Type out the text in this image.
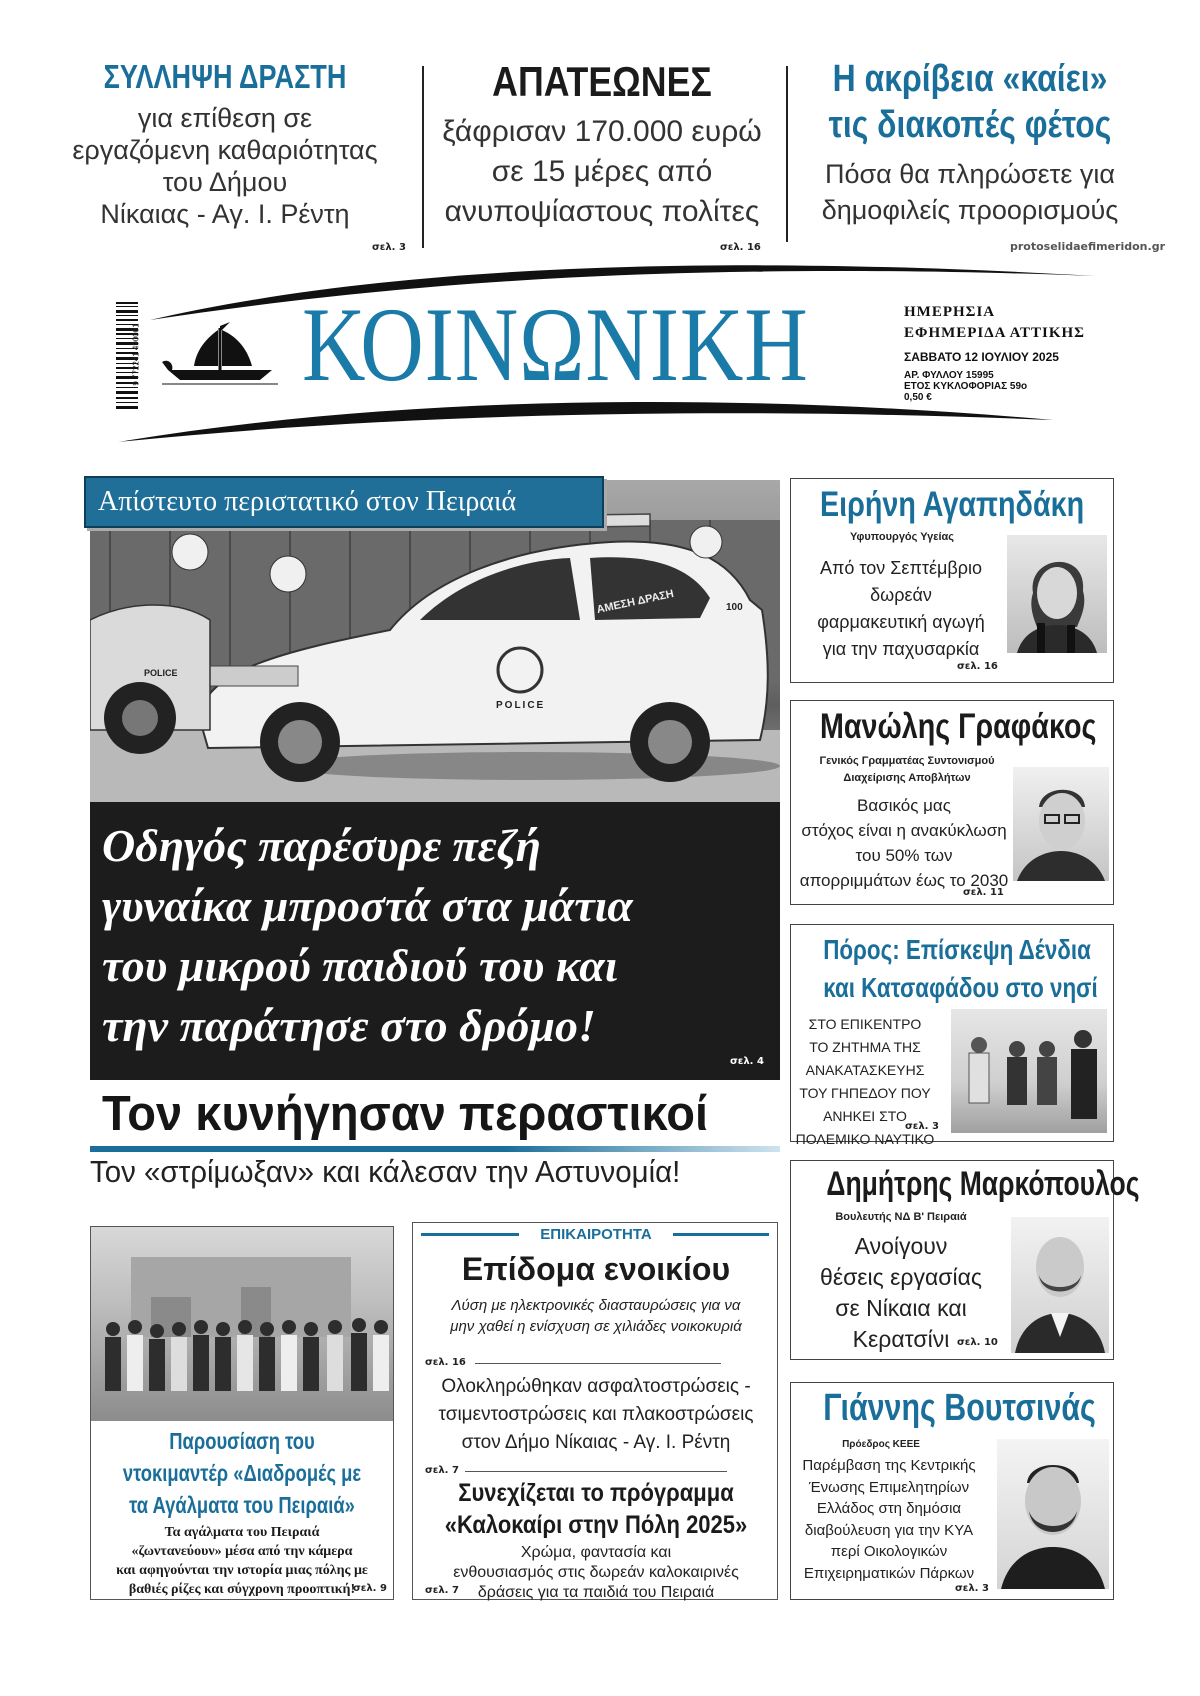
ΣΥΛΛΗΨΗ ΔΡΑΣΤΗ
για επίθεση σε
εργαζόμενη καθαριότητας
του Δήμου
Νίκαιας - Αγ. Ι. Ρέντη
σελ. 3
ΑΠΑΤΕΩΝΕΣ
ξάφρισαν 170.000 ευρώ
σε 15 μέρες από
ανυποψίαστους πολίτες
σελ. 16
Η ακρίβεια «καίει»
τις διακοπές φέτος
Πόσα θα πληρώσετε για
δημοφιλείς προορισμούς
protoselidaefimeridon.gr
9 772241 490001 ΚΟΙΝΩΝΙΚΗ	ΗΜΕΡΗΣΙΑ
ΕΦΗΜΕΡΙΔΑ ΑΤΤΙΚΗΣ
ΣΑΒΒΑΤΟ 12 ΙΟΥΛΙΟΥ 2025
ΑΡ. ΦΥΛΛΟΥ 15995
ΕΤΟΣ ΚΥΚΛΟΦΟΡΙΑΣ 59ο
0,50 €
ΑΜΕΣΗ ΔΡΑΣΗ
POLICE
100
POLICE
Απίστευτο περιστατικό στον Πειραιά
Οδηγός παρέσυρε πεζή
γυναίκα μπροστά στα μάτια
του μικρού παιδιού του και
την παράτησε στο δρόμο!
σελ. 4
Τον κυνήγησαν περαστικοί
Τον «στρίμωξαν» και κάλεσαν την Αστυνομία!
Ειρήνη Αγαπηδάκη
Υφυπουργός Υγείας
Από τον Σεπτέμβριο
δωρεάν
φαρμακευτική αγωγή
για την παχυσαρκία
σελ. 16
Μανώλης Γραφάκος
Γενικός Γραμματέας Συντονισμού
Διαχείρισης Αποβλήτων
Βασικός μας
στόχος είναι η ανακύκλωση
του 50% των
απορριμμάτων έως το 2030
σελ. 11
Πόρος: Επίσκεψη Δένδια
και Κατσαφάδου στο νησί
ΣΤΟ ΕΠΙΚΕΝΤΡΟ
ΤΟ ΖΗΤΗΜΑ ΤΗΣ
ΑΝΑΚΑΤΑΣΚΕΥΗΣ
ΤΟΥ ΓΗΠΕΔΟΥ ΠΟΥ
ΑΝΗΚΕΙ ΣΤΟ
ΠΟΛΕΜΙΚΟ ΝΑΥΤΙΚΟ
σελ. 3
Δημήτρης Μαρκόπουλος
Βουλευτής ΝΔ Β' Πειραιά
Ανοίγουν
θέσεις εργασίας
σε Νίκαια και
Κερατσίνι σελ. 10
Γιάννης Βουτσινάς
Πρόεδρος ΚΕΕΕ
Παρέμβαση της Κεντρικής
Ένωσης Επιμελητηρίων
Ελλάδος στη δημόσια
διαβούλευση για την ΚΥΑ
περί Οικολογικών
Επιχειρηματικών Πάρκων
σελ. 3
Παρουσίαση του
ντοκιμαντέρ «Διαδρομές με
τα Αγάλματα του Πειραιά»
Τα αγάλματα του Πειραιά
«ζωντανεύουν» μέσα από την κάμερα
και αφηγούνται την ιστορία μιας πόλης με
βαθιές ρίζες και σύγχρονη προοπτική!
σελ. 9
ΕΠΙΚΑΙΡΟΤΗΤΑ
Επίδομα ενοικίου
Λύση με ηλεκτρονικές διασταυρώσεις για να
μην χαθεί η ενίσχυση σε χιλιάδες νοικοκυριά
σελ. 16
Ολοκληρώθηκαν ασφαλτοστρώσεις -
τσιμεντοστρώσεις και πλακοστρώσεις
στον Δήμο Νίκαιας - Αγ. Ι. Ρέντη
σελ. 7
Συνεχίζεται το πρόγραμμα
«Καλοκαίρι στην Πόλη 2025»
Χρώμα, φαντασία και
ενθουσιασμός στις δωρεάν καλοκαιρινές
δράσεις για τα παιδιά του Πειραιά
σελ. 7
